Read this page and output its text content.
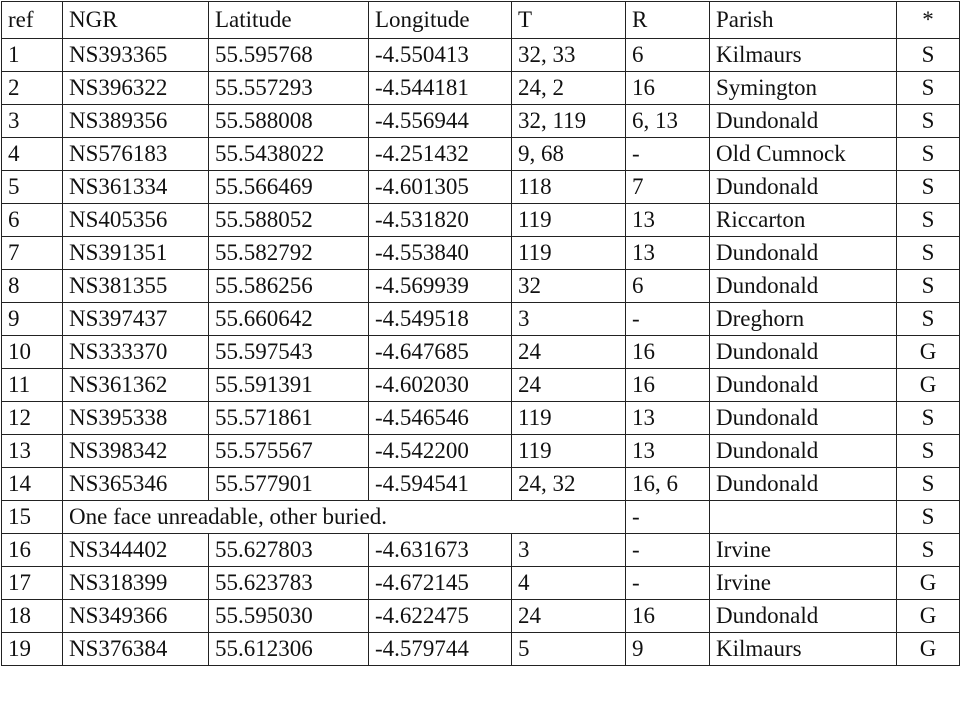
ref	NGR	Latitude	Longitude	T	R	Parish	*
1	NS393365	55.595768	-4.550413	32, 33	6	Kilmaurs	S
2	NS396322	55.557293	-4.544181	24, 2	16	Symington	S
3	NS389356	55.588008	-4.556944	32, 119	6, 13	Dundonald	S
4	NS576183	55.5438022	-4.251432	9, 68	-	Old Cumnock	S
5	NS361334	55.566469	-4.601305	118	7	Dundonald	S
6	NS405356	55.588052	-4.531820	119	13	Riccarton	S
7	NS391351	55.582792	-4.553840	119	13	Dundonald	S
8	NS381355	55.586256	-4.569939	32	6	Dundonald	S
9	NS397437	55.660642	-4.549518	3	-	Dreghorn	S
10	NS333370	55.597543	-4.647685	24	16	Dundonald	G
11	NS361362	55.591391	-4.602030	24	16	Dundonald	G
12	NS395338	55.571861	-4.546546	119	13	Dundonald	S
13	NS398342	55.575567	-4.542200	119	13	Dundonald	S
14	NS365346	55.577901	-4.594541	24, 32	16, 6	Dundonald	S
15	One face unreadable, other buried.				-		S
16	NS344402	55.627803	-4.631673	3	-	Irvine	S
17	NS318399	55.623783	-4.672145	4	-	Irvine	G
18	NS349366	55.595030	-4.622475	24	16	Dundonald	G
19	NS376384	55.612306	-4.579744	5	9	Kilmaurs	G
